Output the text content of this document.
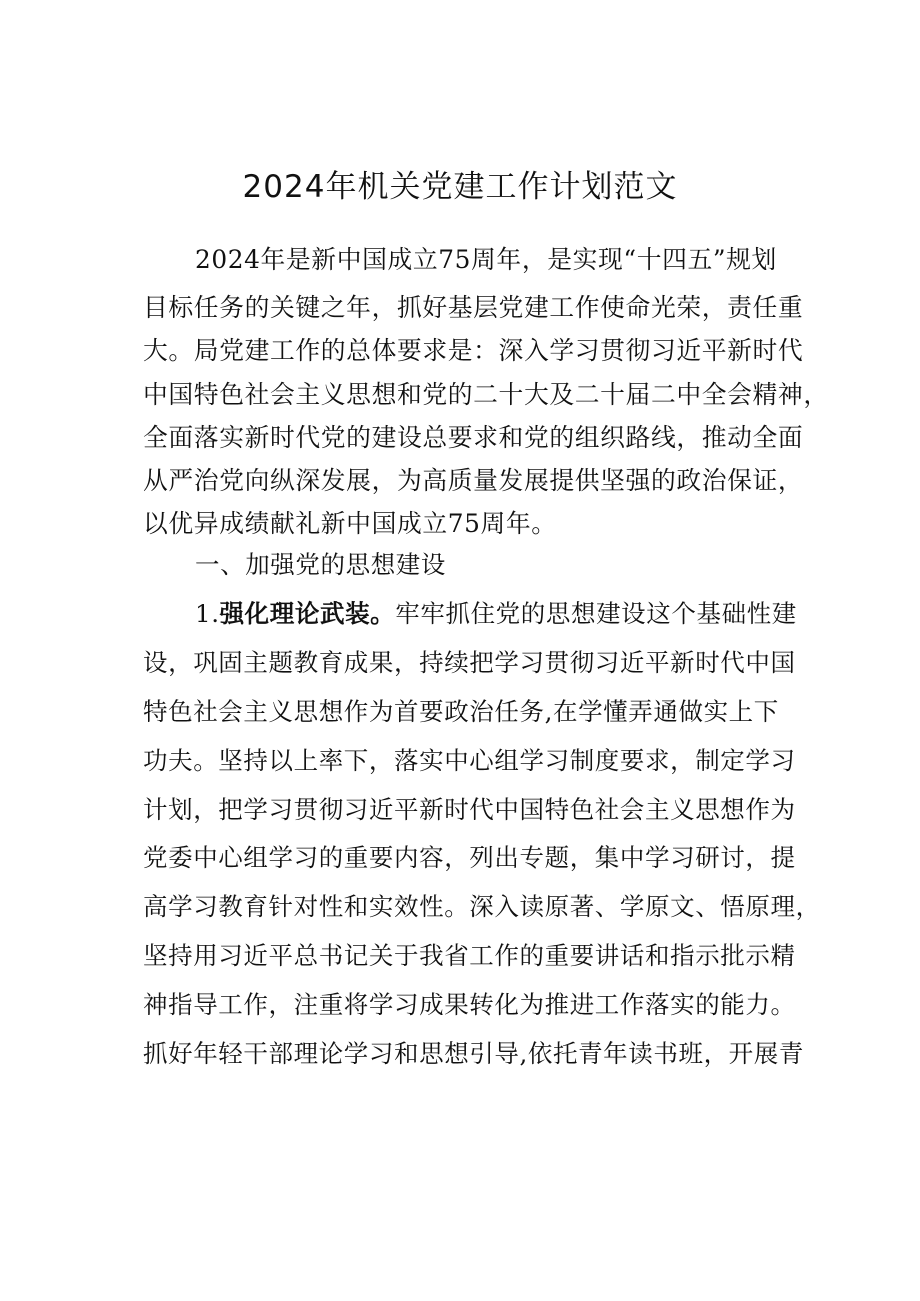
2024年机关党建工作计划范文
2024年是新中国成立75周年，是实现“十四五”规划
目标任务的关键之年，抓好基层党建工作使命光荣，责任重
大。局党建工作的总体要求是：深入学习贯彻习近平新时代
中国特色社会主义思想和党的二十大及二十届二中全会精神，
全面落实新时代党的建设总要求和党的组织路线，推动全面
从严治党向纵深发展，为高质量发展提供坚强的政治保证，
以优异成绩献礼新中国成立75周年。
一、加强党的思想建设
1.强化理论武装。牢牢抓住党的思想建设这个基础性建
设，巩固主题教育成果，持续把学习贯彻习近平新时代中国
特色社会主义思想作为首要政治任务,在学懂弄通做实上下
功夫。坚持以上率下，落实中心组学习制度要求，制定学习
计划，把学习贯彻习近平新时代中国特色社会主义思想作为
党委中心组学习的重要内容，列出专题，集中学习研讨，提
高学习教育针对性和实效性。深入读原著、学原文、悟原理，
坚持用习近平总书记关于我省工作的重要讲话和指示批示精
神指导工作，注重将学习成果转化为推进工作落实的能力。
抓好年轻干部理论学习和思想引导,依托青年读书班，开展青
